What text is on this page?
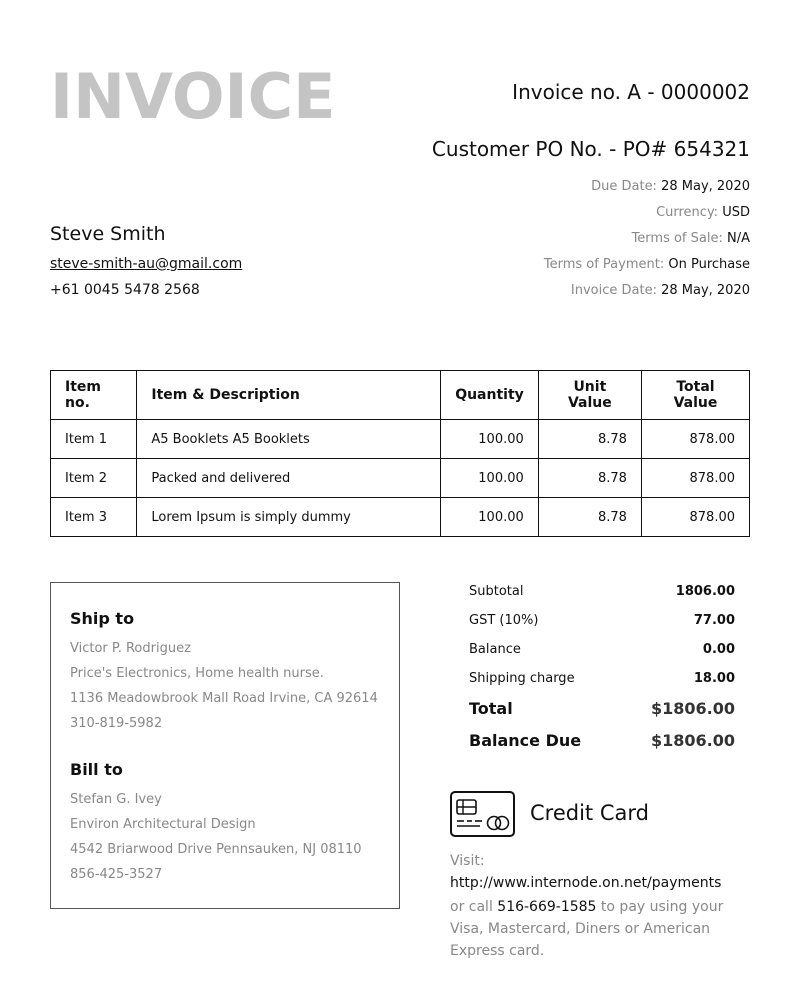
INVOICE	Invoice no. A - 0000002
Customer PO No. - PO# 654321
Due Date: 28 May, 2020
Currency: USD
Terms of Sale: N/A
Terms of Payment: On Purchase
Invoice Date: 28 May, 2020
Steve Smith
steve-smith-au@gmail.com
+61 0045 5478 2568
Item no.	Item & Description	Quantity	Unit Value	Total Value
Item 1	A5 Booklets A5 Booklets	100.00	8.78	878.00
Item 2	Packed and delivered	100.00	8.78	878.00
Item 3	Lorem Ipsum is simply dummy	100.00	8.78	878.00
Ship to
Victor P. Rodriguez
Price's Electronics, Home health nurse.
1136 Meadowbrook Mall Road Irvine, CA 92614
310-819-5982
Bill to
Stefan G. Ivey
Environ Architectural Design
4542 Briarwood Drive Pennsauken, NJ 08110
856-425-3527
Subtotal	1806.00
GST (10%)	77.00
Balance	0.00
Shipping charge	18.00
Total	$1806.00
Balance Due	$1806.00
Credit Card
Visit:
http://www.internode.on.net/payments
or call 516-669-1585 to pay using your Visa, Mastercard, Diners or American Express card.
